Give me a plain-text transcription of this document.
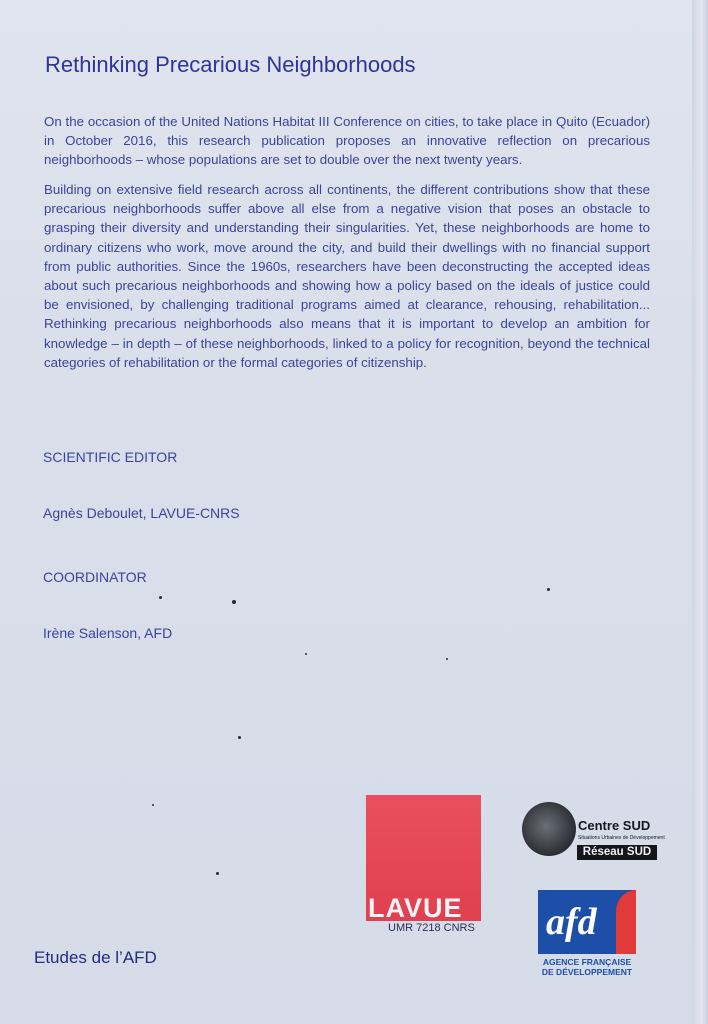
Rethinking Precarious Neighborhoods

On the occasion of the United Nations Habitat III Conference on cities, to take place in Quito (Ecuador) in October 2016, this research publication proposes an innovative reflection on precarious neighborhoods – whose populations are set to double over the next twenty years.

Building on extensive field research across all continents, the different contributions show that these precarious neighborhoods suffer above all else from a negative vision that poses an obstacle to grasping their diversity and understanding their singularities. Yet, these neighborhoods are home to ordinary citizens who work, move around the city, and build their dwellings with no financial support from public authorities. Since the 1960s, researchers have been deconstructing the accepted ideas about such precarious neighborhoods and showing how a policy based on the ideals of justice could be envisioned, by challenging traditional programs aimed at clearance, rehousing, rehabilitation... Rethinking precarious neighborhoods also means that it is important to develop an ambition for knowledge – in depth – of these neighborhoods, linked to a policy for recognition, beyond the technical categories of rehabilitation or the formal categories of citizenship.

SCIENTIFIC EDITOR
Agnès Deboulet, LAVUE-CNRS
COORDINATOR
Irène Salenson, AFD
LAVUE
UMR 7218 CNRS
Centre SUD
Situations Urbaines de Développement
Réseau SUD
afd
AGENCE FRANÇAISE
DE DÉVELOPPEMENT
Etudes de l’AFD
